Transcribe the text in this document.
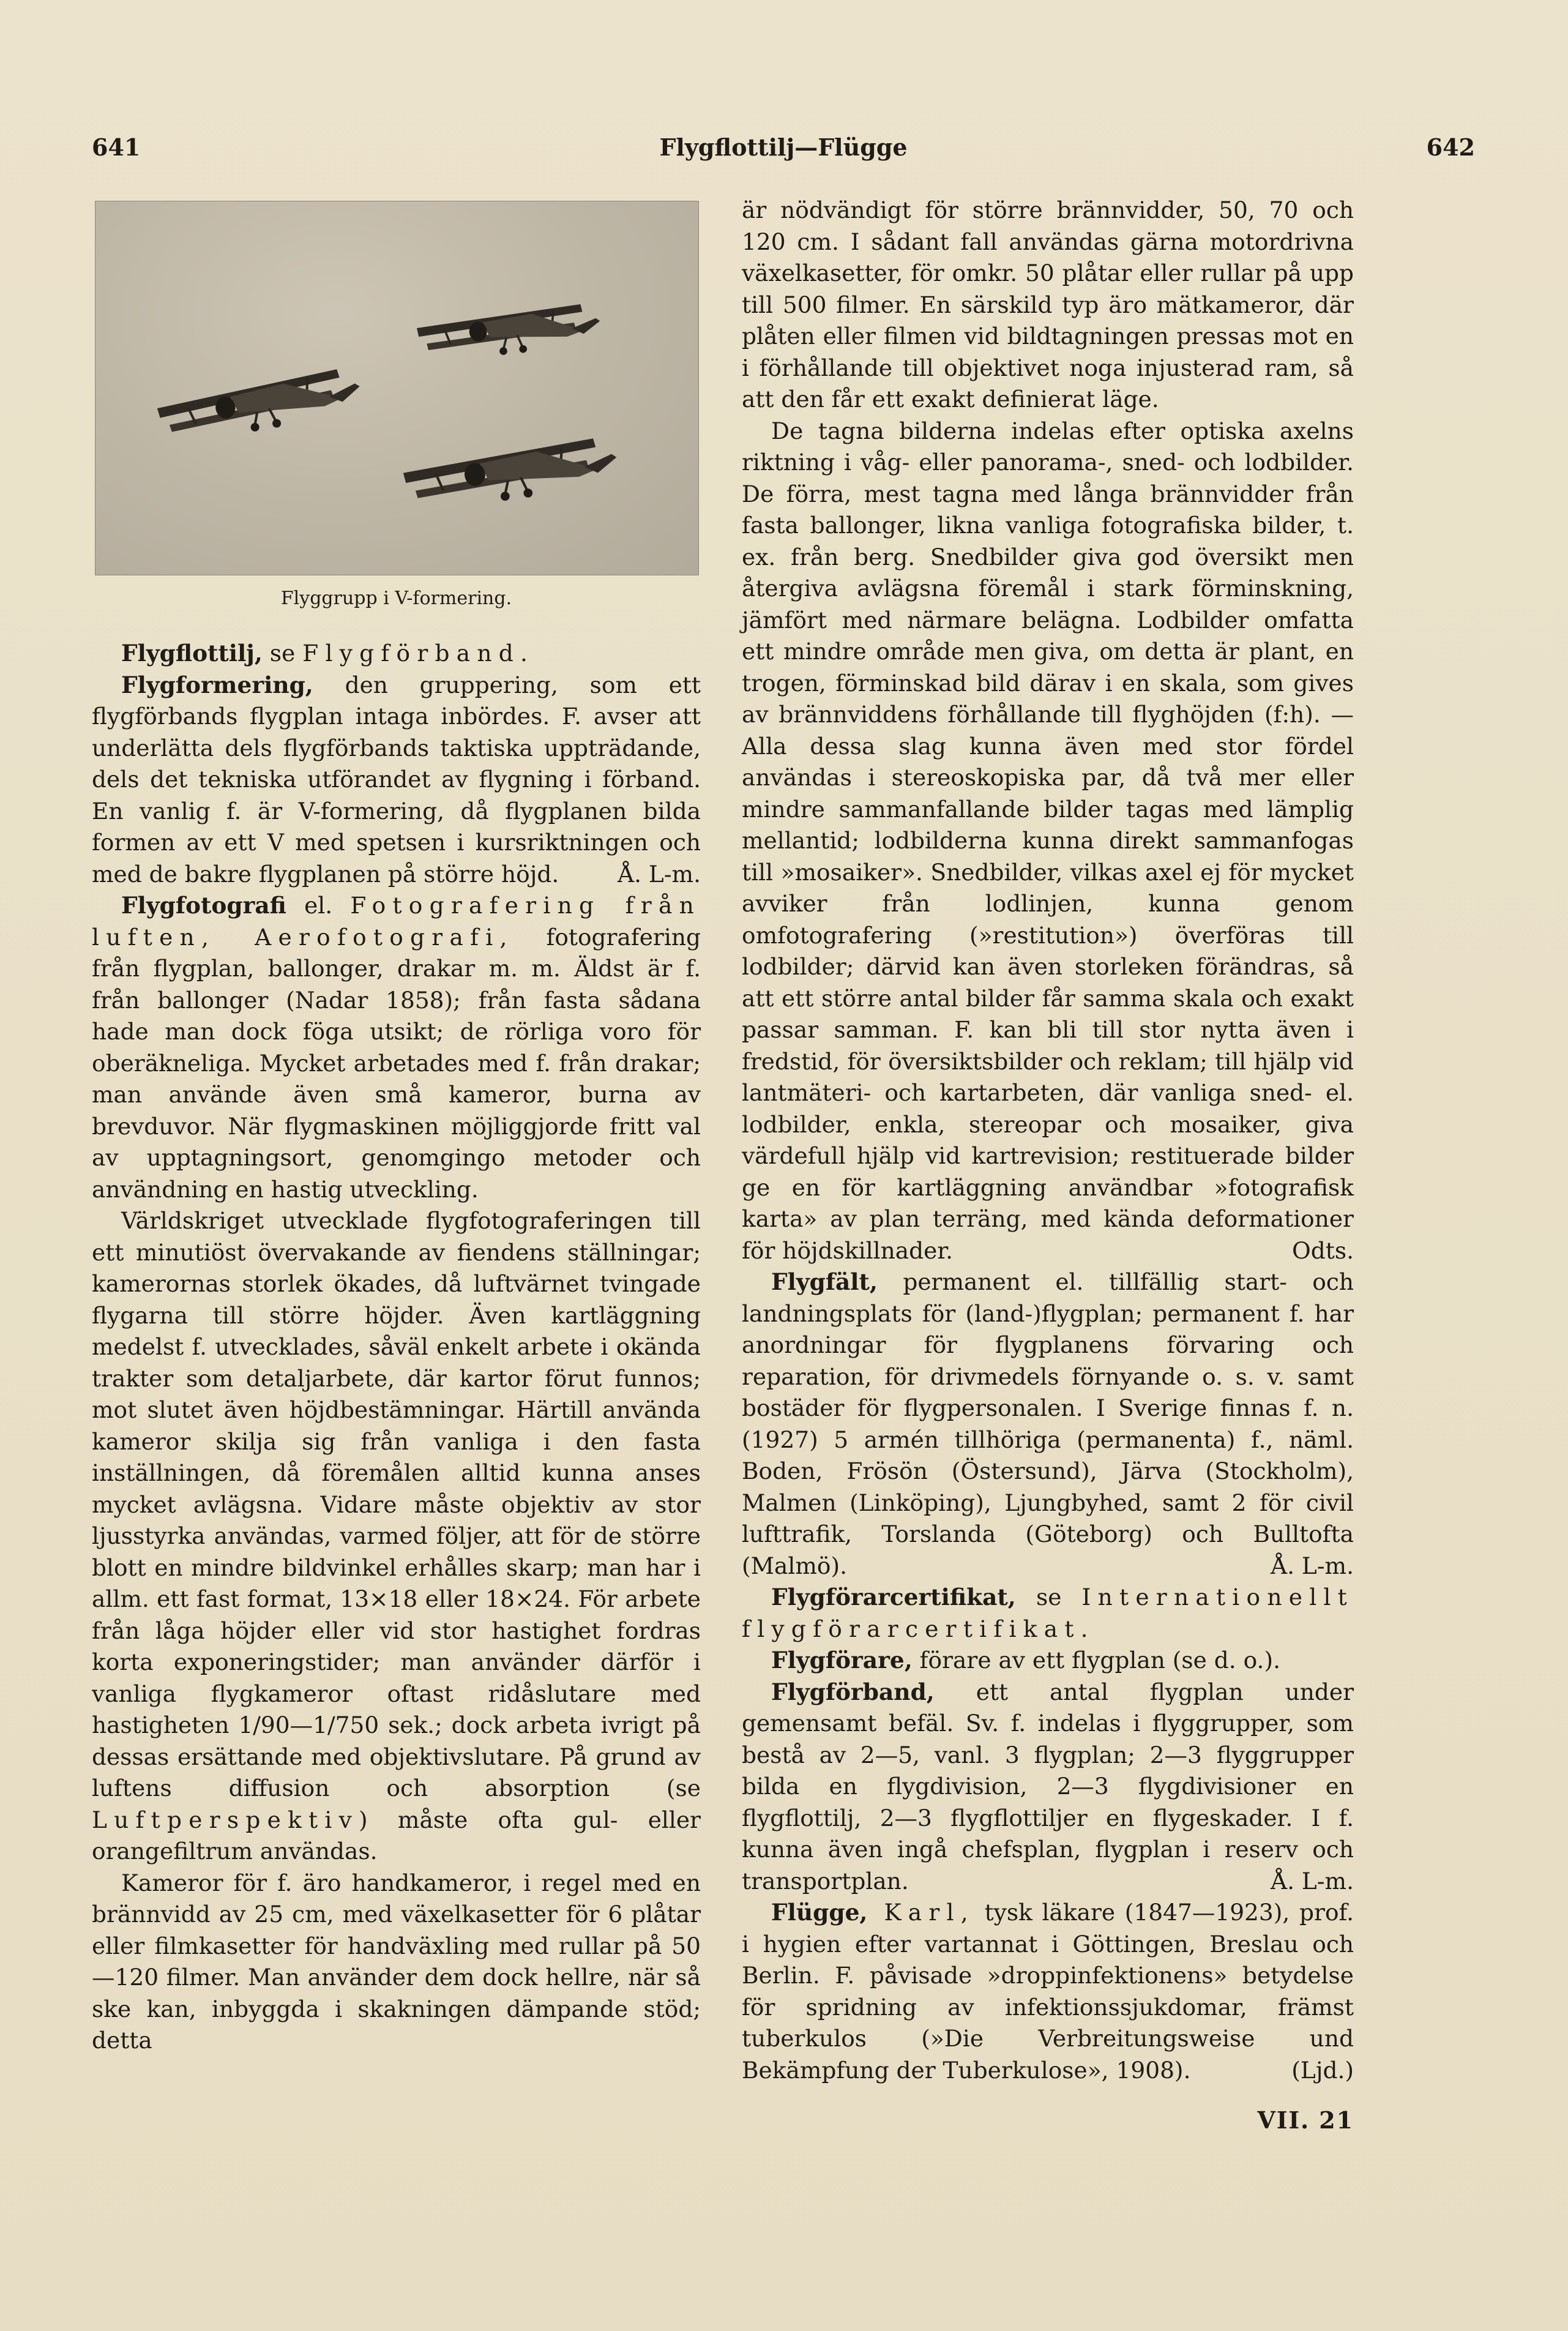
641	Flygflottilj—Flügge	642
Flyggrupp i V-formering.

Flygflottilj, se Flygförband.

Flygformering, den gruppering, som ett flygförbands flygplan intaga inbördes. F. avser att underlätta dels flygförbands taktiska uppträdande, dels det tekniska utförandet av flygning i förband. En vanlig f. är V-formering, då flygplanen bilda formen av ett V med spetsen i kursriktningen och med de bakre flygplanen på större höjd.	Å. L-m.

Flygfotografi el. Fotografering från luften, Aerofotografi, fotografering från flygplan, ballonger, drakar m. m. Äldst är f. från ballonger (Nadar 1858); från fasta sådana hade man dock föga utsikt; de rörliga voro för oberäkneliga. Mycket arbetades med f. från drakar; man använde även små kameror, burna av brevduvor. När flygmaskinen möjliggjorde fritt val av upptagningsort, genomgingo metoder och användning en hastig utveckling.

Världskriget utvecklade flygfotograferingen till ett minutiöst övervakande av fiendens ställningar; kamerornas storlek ökades, då luftvärnet tvingade flygarna till större höjder. Även kartläggning medelst f. utvecklades, såväl enkelt arbete i okända trakter som detaljarbete, där kartor förut funnos; mot slutet även höjdbestämningar. Härtill använda kameror skilja sig från vanliga i den fasta inställningen, då föremålen alltid kunna anses mycket avlägsna. Vidare måste objektiv av stor ljusstyrka användas, varmed följer, att för de större blott en mindre bildvinkel erhålles skarp; man har i allm. ett fast format, 13×18 eller 18×24. För arbete från låga höjder eller vid stor hastighet fordras korta exponeringstider; man använder därför i vanliga flygkameror oftast ridåslutare med hastigheten 1/90—1/750 sek.; dock arbeta ivrigt på dessas ersättande med objektivslutare. På grund av luftens diffusion och absorption (se Luftperspektiv) måste ofta gul- eller orangefiltrum användas.

Kameror för f. äro handkameror, i regel med en brännvidd av 25 cm, med växelkasetter för 6 plåtar eller filmkasetter för handväxling med rullar på 50—120 filmer. Man använder dem dock hellre, när så ske kan, inbyggda i skakningen dämpande stöd; detta

är nödvändigt för större brännvidder, 50, 70 och 120 cm. I sådant fall användas gärna motordrivna växelkasetter, för omkr. 50 plåtar eller rullar på upp till 500 filmer. En särskild typ äro mätkameror, där plåten eller filmen vid bildtagningen pressas mot en i förhållande till objektivet noga injusterad ram, så att den får ett exakt definierat läge.

De tagna bilderna indelas efter optiska axelns riktning i våg- eller panorama-, sned- och lodbilder. De förra, mest tagna med långa brännvidder från fasta ballonger, likna vanliga fotografiska bilder, t. ex. från berg. Snedbilder giva god översikt men återgiva avlägsna föremål i stark förminskning, jämfört med närmare belägna. Lodbilder omfatta ett mindre område men giva, om detta är plant, en trogen, förminskad bild därav i en skala, som gives av brännviddens förhållande till flyghöjden (f:h). — Alla dessa slag kunna även med stor fördel användas i stereoskopiska par, då två mer eller mindre sammanfallande bilder tagas med lämplig mellantid; lodbilderna kunna direkt sammanfogas till »mosaiker». Snedbilder, vilkas axel ej för mycket avviker från lodlinjen, kunna genom omfotografering (»restitution») överföras till lodbilder; därvid kan även storleken förändras, så att ett större antal bilder får samma skala och exakt passar samman. F. kan bli till stor nytta även i fredstid, för översiktsbilder och reklam; till hjälp vid lantmäteri- och kartarbeten, där vanliga sned- el. lodbilder, enkla, stereopar och mosaiker, giva värdefull hjälp vid kartrevision; restituerade bilder ge en för kartläggning användbar »fotografisk karta» av plan terräng, med kända deformationer för höjdskillnader.	Odts.

Flygfält, permanent el. tillfällig start- och landningsplats för (land-)flygplan; permanent f. har anordningar för flygplanens förvaring och reparation, för drivmedels förnyande o. s. v. samt bostäder för flygpersonalen. I Sverige finnas f. n. (1927) 5 armén tillhöriga (permanenta) f., näml. Boden, Frösön (Östersund), Järva (Stockholm), Malmen (Linköping), Ljungbyhed, samt 2 för civil lufttrafik, Torslanda (Göteborg) och Bulltofta (Malmö).	Å. L-m.

Flygförarcertifikat, se Internationellt flygförarcertifikat.

Flygförare, förare av ett flygplan (se d. o.).

Flygförband, ett antal flygplan under gemensamt befäl. Sv. f. indelas i flyggrupper, som bestå av 2—5, vanl. 3 flygplan; 2—3 flyggrupper bilda en flygdivision, 2—3 flygdivisioner en flygflottilj, 2—3 flygflottiljer en flygeskader. I f. kunna även ingå chefsplan, flygplan i reserv och transportplan.	Å. L-m.

Flügge, Karl, tysk läkare (1847—1923), prof. i hygien efter vartannat i Göttingen, Breslau och Berlin. F. påvisade »droppinfektionens» betydelse för spridning av infektionssjukdomar, främst tuberkulos (»Die Verbreitungsweise und Bekämpfung der Tuberkulose», 1908).	(Ljd.)

VII. 21
